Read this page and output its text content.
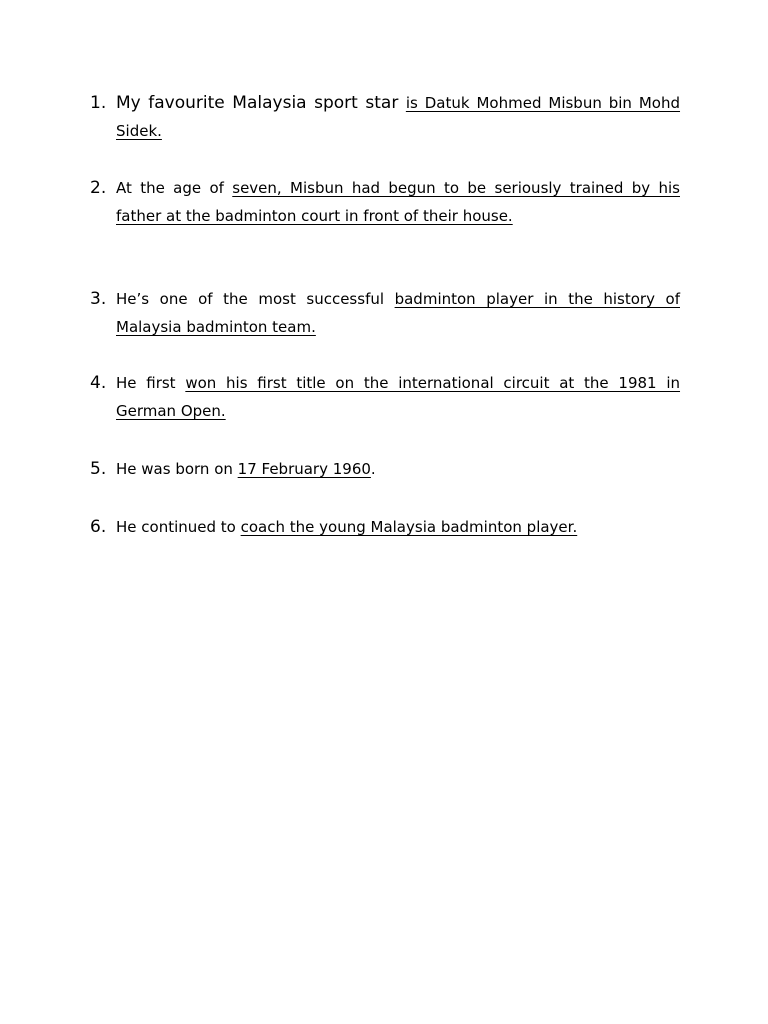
1. My favourite Malaysia sport star is Datuk Mohmed Misbun bin Mohd Sidek.
2. At the age of seven, Misbun had begun to be seriously trained by his father at the badminton court in front of their house.
3. He’s one of the most successful badminton player in the history of Malaysia badminton team.
4. He first won his first title on the international circuit at the 1981 in German Open.
5. He was born on 17 February 1960.
6. He continued to coach the young Malaysia badminton player.
